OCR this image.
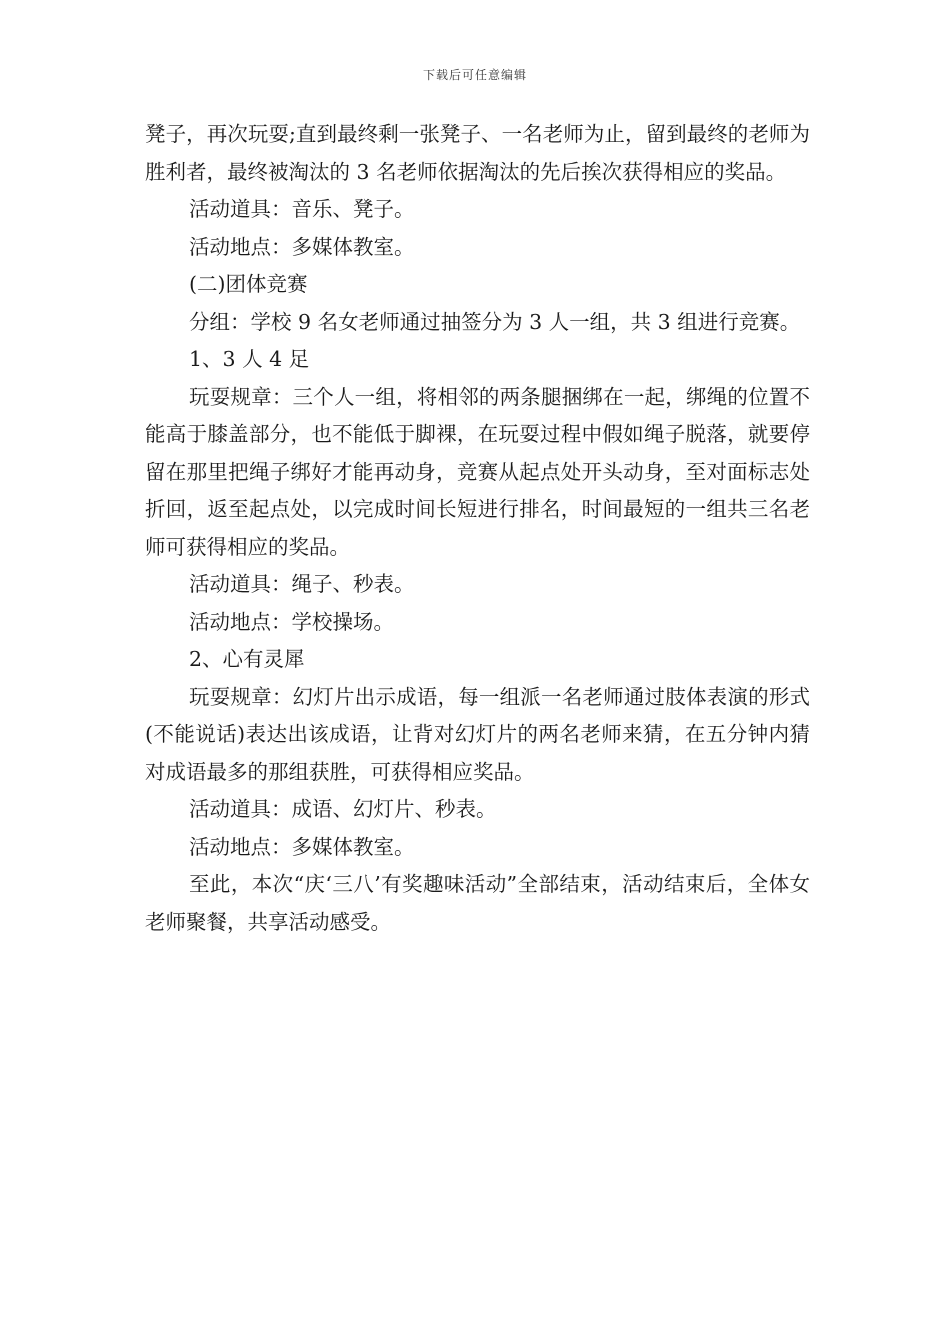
下载后可任意编辑

凳子，再次玩耍;直到最终剩一张凳子、一名老师为止，留到最终的老师为胜利者，最终被淘汰的 3 名老师依据淘汰的先后挨次获得相应的奖品。

活动道具：音乐、凳子。

活动地点：多媒体教室。

(二)团体竞赛

分组：学校 9 名女老师通过抽签分为 3 人一组，共 3 组进行竞赛。

1、3 人 4 足

玩耍规章：三个人一组，将相邻的两条腿捆绑在一起，绑绳的位置不能高于膝盖部分，也不能低于脚裸，在玩耍过程中假如绳子脱落，就要停留在那里把绳子绑好才能再动身，竞赛从起点处开头动身，至对面标志处折回，返至起点处，以完成时间长短进行排名，时间最短的一组共三名老师可获得相应的奖品。

活动道具：绳子、秒表。

活动地点：学校操场。

2、心有灵犀

玩耍规章：幻灯片出示成语，每一组派一名老师通过肢体表演的形式(不能说话)表达出该成语，让背对幻灯片的两名老师来猜，在五分钟内猜对成语最多的那组获胜，可获得相应奖品。

活动道具：成语、幻灯片、秒表。

活动地点：多媒体教室。

至此，本次“庆‘三八’有奖趣味活动”全部结束，活动结束后，全体女老师聚餐，共享活动感受。
